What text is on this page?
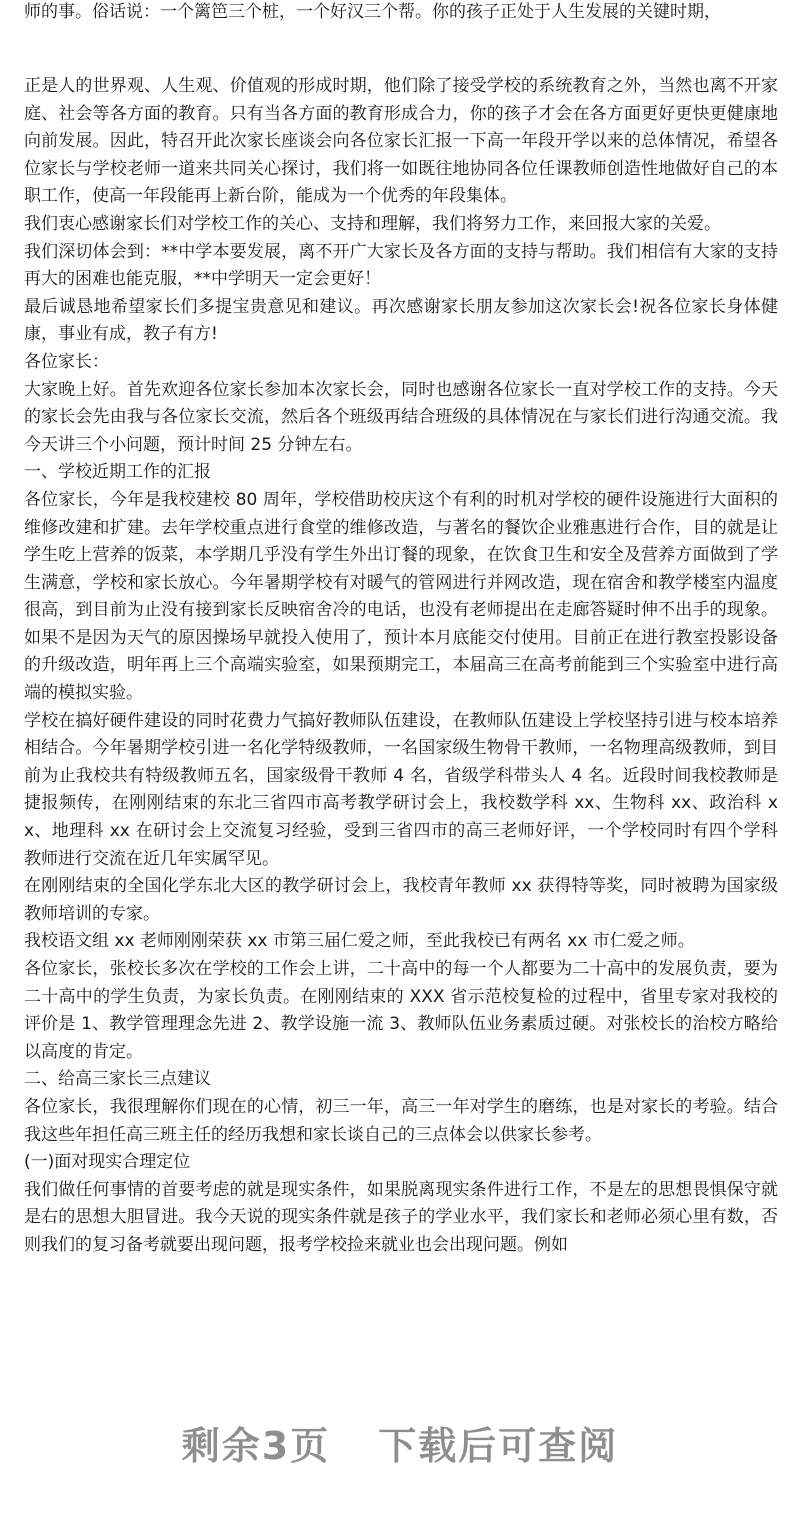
师的事。俗话说：一个篱笆三个桩，一个好汉三个帮。你的孩子正处于人生发展的关键时期，

正是人的世界观、人生观、价值观的形成时期，他们除了接受学校的系统教育之外，当然也离不开家庭、社会等各方面的教育。只有当各方面的教育形成合力，你的孩子才会在各方面更好更快更健康地向前发展。因此，特召开此次家长座谈会向各位家长汇报一下高一年段开学以来的总体情况，希望各位家长与学校老师一道来共同关心探讨，我们将一如既往地协同各位任课教师创造性地做好自己的本职工作，使高一年段能再上新台阶，能成为一个优秀的年段集体。

我们衷心感谢家长们对学校工作的关心、支持和理解，我们将努力工作，来回报大家的关爱。

我们深切体会到：**中学本要发展，离不开广大家长及各方面的支持与帮助。我们相信有大家的支持再大的困难也能克服，**中学明天一定会更好！

最后诚恳地希望家长们多提宝贵意见和建议。再次感谢家长朋友参加这次家长会!祝各位家长身体健康，事业有成，教子有方!

各位家长：

大家晚上好。首先欢迎各位家长参加本次家长会，同时也感谢各位家长一直对学校工作的支持。今天的家长会先由我与各位家长交流，然后各个班级再结合班级的具体情况在与家长们进行沟通交流。我今天讲三个小问题，预计时间 25 分钟左右。

一、学校近期工作的汇报

各位家长，今年是我校建校 80 周年，学校借助校庆这个有利的时机对学校的硬件设施进行大面积的维修改建和扩建。去年学校重点进行食堂的维修改造，与著名的餐饮企业雅惠进行合作，目的就是让学生吃上营养的饭菜，本学期几乎没有学生外出订餐的现象，在饮食卫生和安全及营养方面做到了学生满意，学校和家长放心。今年暑期学校有对暖气的管网进行并网改造，现在宿舍和教学楼室内温度很高，到目前为止没有接到家长反映宿舍冷的电话，也没有老师提出在走廊答疑时伸不出手的现象。如果不是因为天气的原因操场早就投入使用了，预计本月底能交付使用。目前正在进行教室投影设备的升级改造，明年再上三个高端实验室，如果预期完工，本届高三在高考前能到三个实验室中进行高端的模拟实验。

学校在搞好硬件建设的同时花费力气搞好教师队伍建设，在教师队伍建设上学校坚持引进与校本培养相结合。今年暑期学校引进一名化学特级教师，一名国家级生物骨干教师，一名物理高级教师，到目前为止我校共有特级教师五名，国家级骨干教师 4 名，省级学科带头人 4 名。近段时间我校教师是捷报频传，在刚刚结束的东北三省四市高考教学研讨会上，我校数学科 xx、生物科 xx、政治科 xx、地理科 xx 在研讨会上交流复习经验，受到三省四市的高三老师好评，一个学校同时有四个学科教师进行交流在近几年实属罕见。

在刚刚结束的全国化学东北大区的教学研讨会上，我校青年教师 xx 获得特等奖，同时被聘为国家级教师培训的专家。

我校语文组 xx 老师刚刚荣获 xx 市第三届仁爱之师，至此我校已有两名 xx 市仁爱之师。

各位家长，张校长多次在学校的工作会上讲，二十高中的每一个人都要为二十高中的发展负责，要为二十高中的学生负责，为家长负责。在刚刚结束的 XXX 省示范校复检的过程中，省里专家对我校的评价是 1、教学管理理念先进 2、教学设施一流 3、教师队伍业务素质过硬。对张校长的治校方略给以高度的肯定。

二、给高三家长三点建议

各位家长，我很理解你们现在的心情，初三一年，高三一年对学生的磨练，也是对家长的考验。结合我这些年担任高三班主任的经历我想和家长谈自己的三点体会以供家长参考。

(一)面对现实合理定位

我们做任何事情的首要考虑的就是现实条件，如果脱离现实条件进行工作，不是左的思想畏惧保守就是右的思想大胆冒进。我今天说的现实条件就是孩子的学业水平，我们家长和老师必须心里有数，否则我们的复习备考就要出现问题，报考学校捡来就业也会出现问题。例如

剩余3页 下载后可查阅
